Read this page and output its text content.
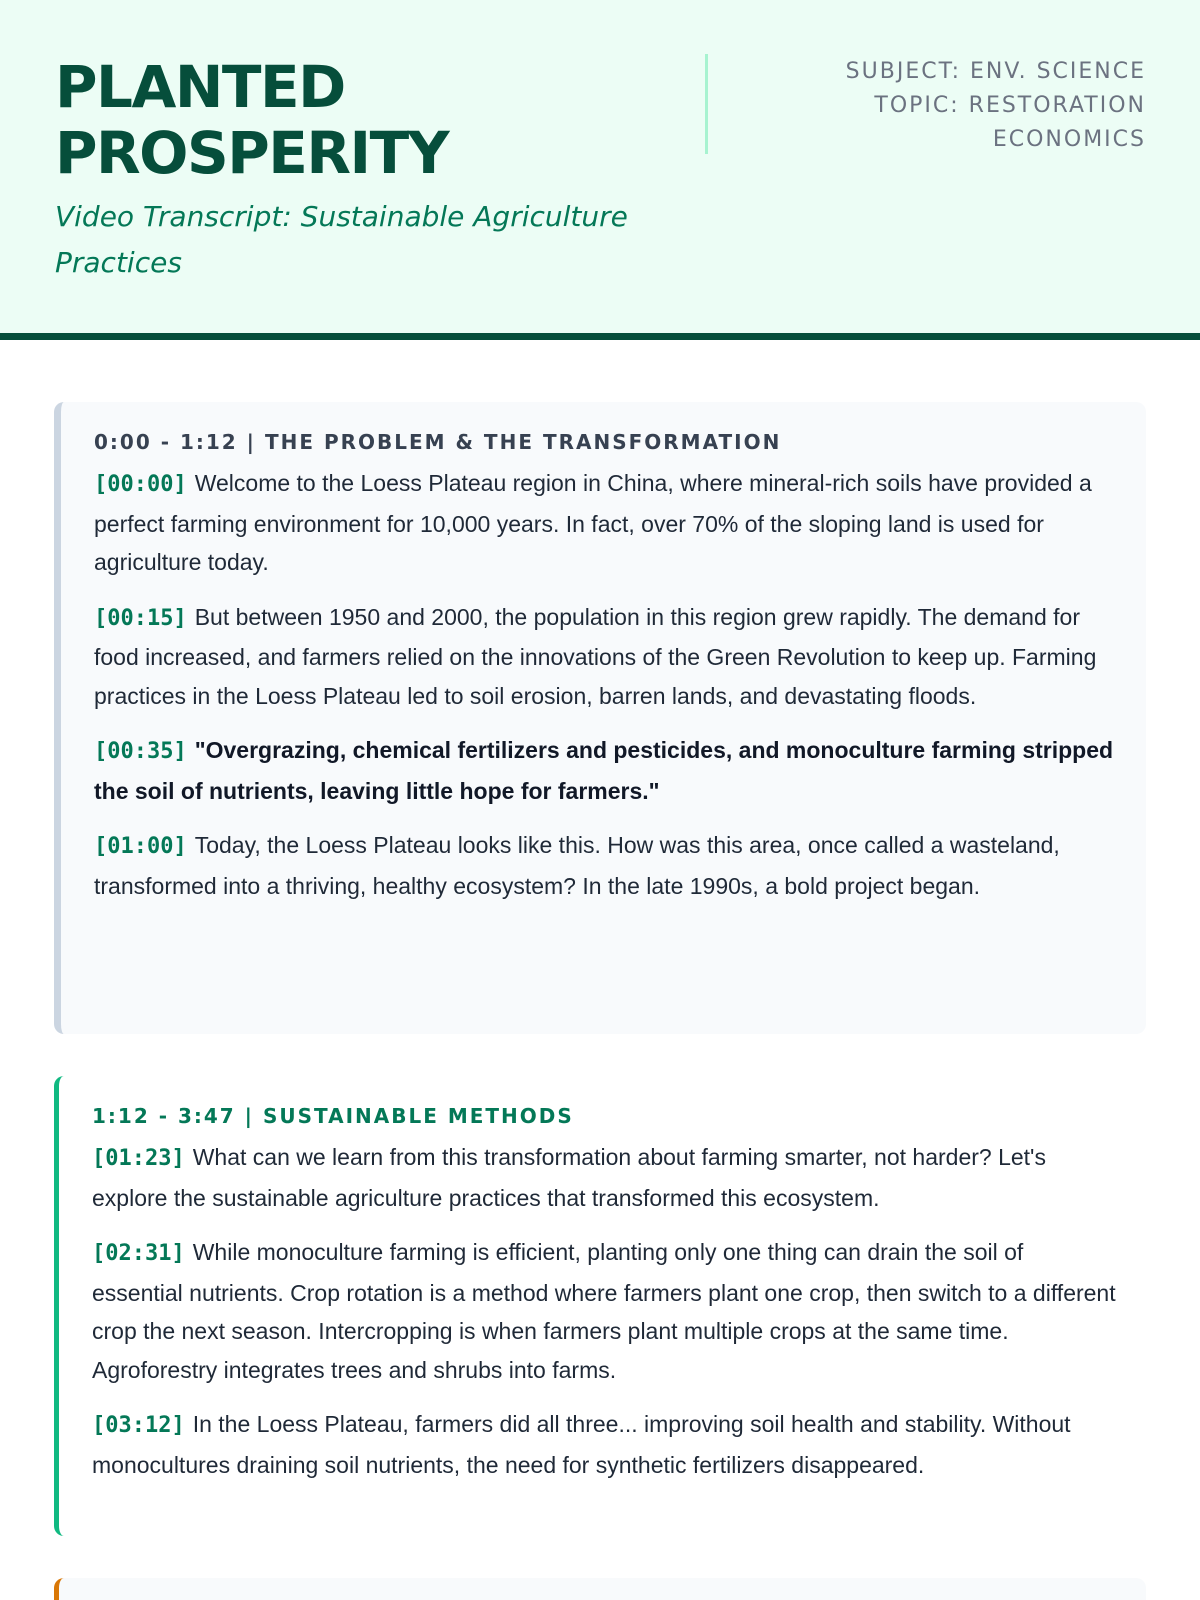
PLANTED PROSPERITY
Video Transcript: Sustainable Agriculture Practices
SUBJECT: ENV. SCIENCE
TOPIC: RESTORATION ECONOMICS
0:00 - 1:12 | THE PROBLEM & THE TRANSFORMATION

[00:00] Welcome to the Loess Plateau region in China, where mineral-rich soils have provided a perfect farming environment for 10,000 years. In fact, over 70% of the sloping land is used for agriculture today.

[00:15] But between 1950 and 2000, the population in this region grew rapidly. The demand for food increased, and farmers relied on the innovations of the Green Revolution to keep up. Farming practices in the Loess Plateau led to soil erosion, barren lands, and devastating floods.

[00:35] "Overgrazing, chemical fertilizers and pesticides, and monoculture farming stripped the soil of nutrients, leaving little hope for farmers."

[01:00] Today, the Loess Plateau looks like this. How was this area, once called a wasteland, transformed into a thriving, healthy ecosystem? In the late 1990s, a bold project began.

1:12 - 3:47 | SUSTAINABLE METHODS

[01:23] What can we learn from this transformation about farming smarter, not harder? Let's explore the sustainable agriculture practices that transformed this ecosystem.

[02:31] While monoculture farming is efficient, planting only one thing can drain the soil of essential nutrients. Crop rotation is a method where farmers plant one crop, then switch to a different crop the next season. Intercropping is when farmers plant multiple crops at the same time. Agroforestry integrates trees and shrubs into farms.

[03:12] In the Loess Plateau, farmers did all three... improving soil health and stability. Without monocultures draining soil nutrients, the need for synthetic fertilizers disappeared.
